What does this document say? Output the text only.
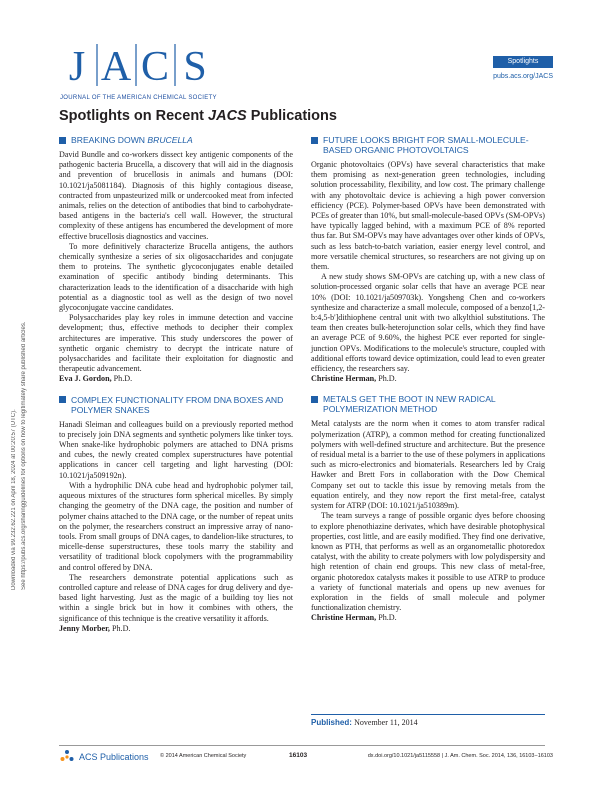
Downloaded via 99.232.62.221 on April 18, 2024 at 00:20:57 (UTC). See https://pubs.acs.org/sharingguidelines for options on how to legitimately share published articles.
J A C S
JOURNAL OF THE AMERICAN CHEMICAL SOCIETY
Spotlights
pubs.acs.org/JACS
Spotlights on Recent JACS Publications
BREAKING DOWN BRUCELLA

David Bundle and co-workers dissect key antigenic components of the pathogenic bacteria Brucella, a discovery that will aid in the diagnosis and prevention of brucellosis in animals and humans (DOI: 10.1021/ja5081184). Diagnosis of this highly contagious disease, contracted from unpasteurized milk or undercooked meat from infected animals, relies on the detection of antibodies that bind to carbohydrate-based antigens in the bacteria's cell wall. However, the structural complexity of these antigens has encumbered the development of more effective brucellosis diagnostics and vaccines.

To more definitively characterize Brucella antigens, the authors chemically synthesize a series of six oligosaccharides and conjugate them to proteins. The synthetic glycoconjugates enable detailed examination of specific antibody binding determinants. This characterization leads to the identification of a disaccharide with high potential as a diagnostic tool as well as the design of two novel glycoconjugate vaccine candidates.

Polysaccharides play key roles in immune detection and vaccine development; thus, effective methods to decipher their complex architectures are imperative. This study underscores the power of synthetic organic chemistry to decrypt the intricate nature of polysaccharides and facilitate their exploitation for diagnostic and therapeutic advancement.

Eva J. Gordon, Ph.D.

COMPLEX FUNCTIONALITY FROM DNA BOXES AND POLYMER SNAKES

Hanadi Sleiman and colleagues build on a previously reported method to precisely join DNA segments and synthetic polymers like tinker toys. When snake-like hydrophobic polymers are attached to DNA prisms and cubes, the newly created complex superstructures have potential applications in cancer cell targeting and light harvesting (DOI: 10.1021/ja509192n).

With a hydrophilic DNA cube head and hydrophobic polymer tail, aqueous mixtures of the structures form spherical micelles. By simply changing the geometry of the DNA cage, the position and number of polymer chains attached to the DNA cage, or the number of repeat units on the polymer, the researchers construct an impressive array of nano-tools. From small groups of DNA cages, to dandelion-like structures, to micelle-dense superstructures, these tools marry the stability and versatility of traditional block copolymers with the programmability and control offered by DNA.

The researchers demonstrate potential applications such as controlled capture and release of DNA cages for drug delivery and dye-based light harvesting. Just as the magic of a building toy lies not within a single brick but in how it combines with others, the significance of this technique is the creative versatility it affords.

Jenny Morber, Ph.D.

FUTURE LOOKS BRIGHT FOR SMALL-MOLECULE-BASED ORGANIC PHOTOVOLTAICS

Organic photovoltaics (OPVs) have several characteristics that make them promising as next-generation green technologies, including solution processability, flexibility, and low cost. The primary challenge with any photovoltaic device is achieving a high power conversion efficiency (PCE). Polymer-based OPVs have been demonstrated with PCEs of greater than 10%, but small-molecule-based OPVs (SM-OPVs) have typically lagged behind, with a maximum PCE of 8% reported thus far. But SM-OPVs may have advantages over other kinds of OPVs, such as less batch-to-batch variation, easier energy level control, and more versatile chemical structures, so researchers are not giving up on them.

A new study shows SM-OPVs are catching up, with a new class of solution-processed organic solar cells that have an average PCE near 10% (DOI: 10.1021/ja509703k). Yongsheng Chen and co-workers synthesize and characterize a small molecule, composed of a benzo[1,2-b:4,5-b']dithiophene central unit with two alkylthiol substitutions. The team then creates bulk-heterojunction solar cells, which they find have an average PCE of 9.60%, the highest PCE ever reported for single-junction OPVs. Modifications to the molecule's structure, coupled with additional efforts toward device optimization, could lead to even greater efficiency, the researchers say.

Christine Herman, Ph.D.

METALS GET THE BOOT IN NEW RADICAL POLYMERIZATION METHOD

Metal catalysts are the norm when it comes to atom transfer radical polymerization (ATRP), a common method for creating functionalized polymers with well-defined structure and architecture. But the presence of residual metal is a barrier to the use of these polymers in applications such as micro-electronics and biomaterials. Researchers led by Craig Hawker and Brett Fors in collaboration with the Dow Chemical Company set out to tackle this issue by removing metals from the equation entirely, and they now report the first metal-free, catalyst system for ATRP (DOI: 10.1021/ja510389m).

The team surveys a range of possible organic dyes before choosing to explore phenothiazine derivates, which have desirable photophysical properties, cost little, and are easily modified. They find one derivative, known as PTH, that performs as well as an organometallic photoredox catalyst, with the ability to create polymers with low polydispersity and high retention of chain end groups. This new class of metal-free, organic photoredox catalysts makes it possible to use ATRP to produce a variety of functional materials and opens up new avenues for exploration in the fields of small molecule and polymer functionalization chemistry.

Christine Herman, Ph.D.

Published: November 11, 2014
ACS Publications © 2014 American Chemical Society	16103	dx.doi.org/10.1021/ja5115558 | J. Am. Chem. Soc. 2014, 136, 16103−16103
